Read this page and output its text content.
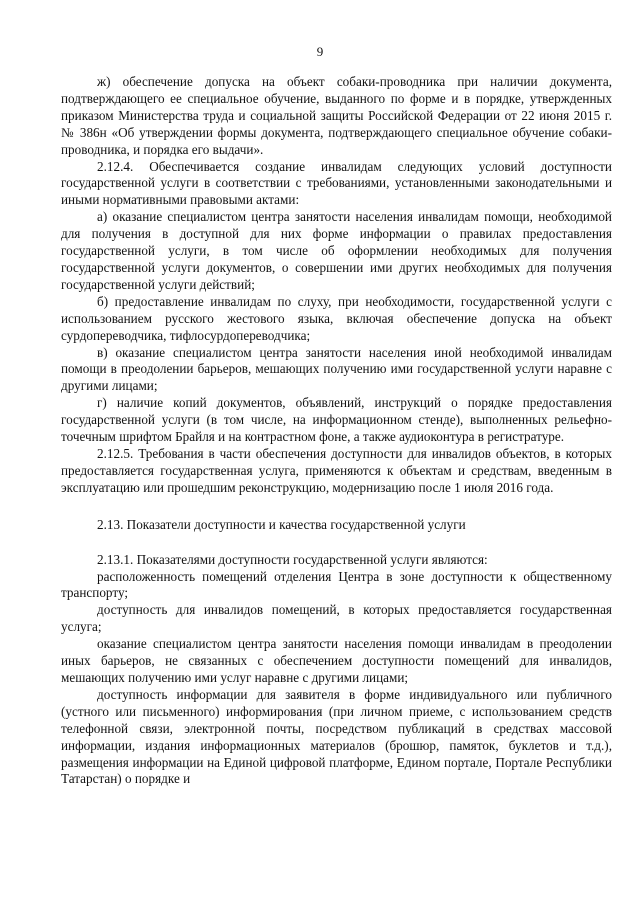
9

ж) обеспечение допуска на объект собаки-проводника при наличии документа, подтверждающего ее специальное обучение, выданного по форме и в порядке, утвержденных приказом Министерства труда и социальной защиты Российской Федерации от 22 июня 2015 г. № 386н «Об утверждении формы документа, подтверждающего специальное обучение собаки-проводника, и порядка его выдачи».

2.12.4. Обеспечивается создание инвалидам следующих условий доступности государственной услуги в соответствии с требованиями, установленными законодательными и иными нормативными правовыми актами:

а) оказание специалистом центра занятости населения инвалидам помощи, необходимой для получения в доступной для них форме информации о правилах предоставления государственной услуги, в том числе об оформлении необходимых для получения государственной услуги документов, о совершении ими других необходимых для получения государственной услуги действий;

б) предоставление инвалидам по слуху, при необходимости, государственной услуги с использованием русского жестового языка, включая обеспечение допуска на объект сурдопереводчика, тифлосурдопереводчика;

в) оказание специалистом центра занятости населения иной необходимой инвалидам помощи в преодолении барьеров, мешающих получению ими государственной услуги наравне с другими лицами;

г) наличие копий документов, объявлений, инструкций о порядке предоставления государственной услуги (в том числе, на информационном стенде), выполненных рельефно-точечным шрифтом Брайля и на контрастном фоне, а также аудиоконтура в регистратуре.

2.12.5. Требования в части обеспечения доступности для инвалидов объектов, в которых предоставляется государственная услуга, применяются к объектам и средствам, введенным в эксплуатацию или прошедшим реконструкцию, модернизацию после 1 июля 2016 года.

2.13. Показатели доступности и качества государственной услуги

2.13.1. Показателями доступности государственной услуги являются:

расположенность помещений отделения Центра в зоне доступности к общественному транспорту;

доступность для инвалидов помещений, в которых предоставляется государственная услуга;

оказание специалистом центра занятости населения помощи инвалидам в преодолении иных барьеров, не связанных с обеспечением доступности помещений для инвалидов, мешающих получению ими услуг наравне с другими лицами;

доступность информации для заявителя в форме индивидуального или публичного (устного или письменного) информирования (при личном приеме, с использованием средств телефонной связи, электронной почты, посредством публикаций в средствах массовой информации, издания информационных материалов (брошюр, памяток, буклетов и т.д.), размещения информации на Единой цифровой платформе, Едином портале, Портале Республики Татарстан) о порядке и
